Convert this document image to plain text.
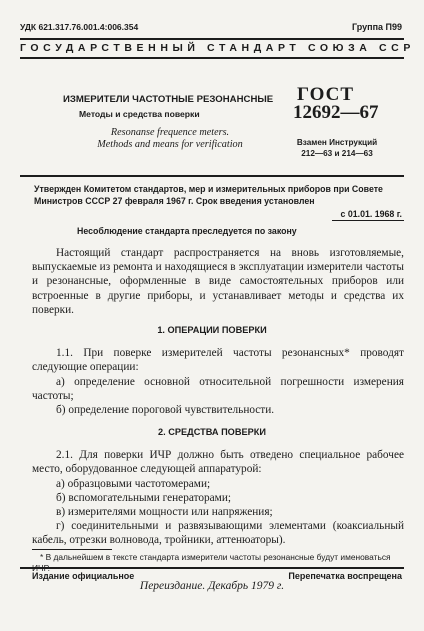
УДК 621.317.76.001.4:006.354	Группа П99
ГОСУДАРСТВЕННЫЙ СТАНДАРТ СОЮЗА ССР
ИЗМЕРИТЕЛИ ЧАСТОТНЫЕ РЕЗОНАНСНЫЕ
Методы и средства поверки
Resonanse frequence meters.
Methods and means for verification
ГОСТ
12692—67
Взамен Инструкций
212—63 и 214—63
Утвержден Комитетом стандартов, мер и измерительных приборов при Совете Министров СССР 27 февраля 1967 г. Срок введения установлен
с 01.01. 1968 г.
Несоблюдение стандарта преследуется по закону
Настоящий стандарт распространяется на вновь изготовляемые, выпускаемые из ремонта и находящиеся в эксплуатации измерители частоты и резонансные, оформленные в виде самостоятельных приборов или встроенные в другие приборы, и устанавливает методы и средства их поверки.
1. ОПЕРАЦИИ ПОВЕРКИ
1.1. При поверке измерителей частоты резонансных* проводят следующие операции:
а) определение основной относительной погрешности измерения частоты;
б) определение пороговой чувствительности.
2. СРЕДСТВА ПОВЕРКИ
2.1. Для поверки ИЧР должно быть отведено специальное рабочее место, оборудованное следующей аппаратурой:
а) образцовыми частотомерами;
б) вспомогательными генераторами;
в) измерителями мощности или напряжения;
г) соединительными и развязывающими элементами (коаксиальный кабель, отрезки волновода, тройники, аттенюаторы).
* В дальнейшем в тексте стандарта измерители частоты резонансные будут именоваться
Издание официальное	Перепечатка воспрещена
Переиздание. Декабрь 1979 г.
